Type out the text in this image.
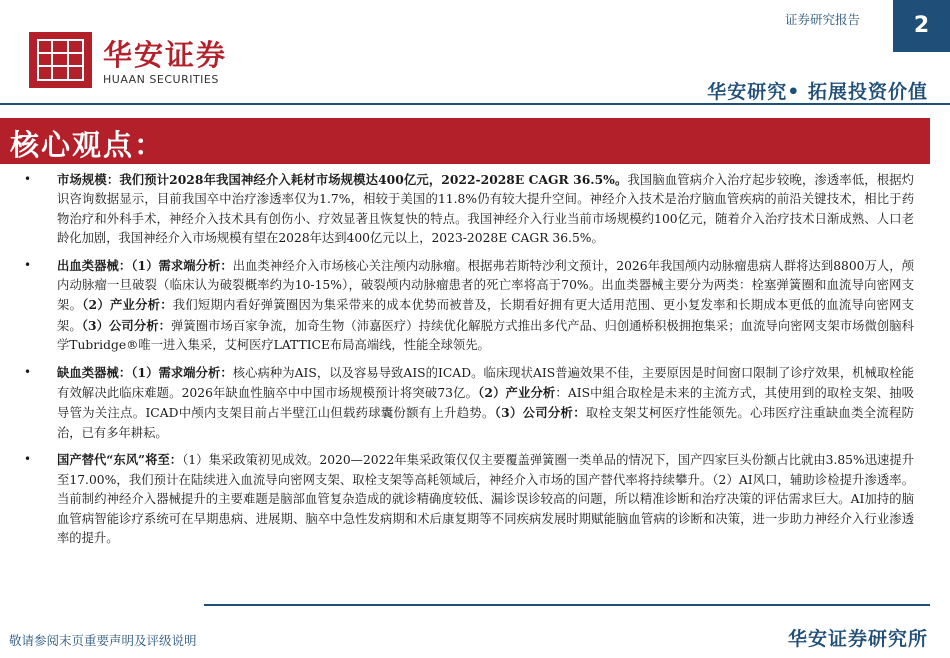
华安证券
HUAAN SECURITIES
证券研究报告	2
华安研究• 拓展投资价值
核心观点：

•
市场规模：我们预计2028年我国神经介入耗材市场规模达400亿元，2022-2028E CAGR 36.5%。我国脑血管病介入治疗起步较晚，渗透率低，根据灼识咨询数据显示，目前我国卒中治疗渗透率仅为1.7%，相较于美国的11.8%仍有较大提升空间。神经介入技术是治疗脑血管疾病的前沿关键技术，相比于药物治疗和外科手术，神经介入技术具有创伤小、疗效显著且恢复快的特点。我国神经介入行业当前市场规模约100亿元，随着介入治疗技术日渐成熟、人口老龄化加剧，我国神经介入市场规模有望在2028年达到400亿元以上，2023-2028E CAGR 36.5%。

•
出血类器械：（1）需求端分析：出血类神经介入市场核心关注颅内动脉瘤。根据弗若斯特沙利文预计，2026年我国颅内动脉瘤患病人群将达到8800万人，颅内动脉瘤一旦破裂（临床认为破裂概率约为10-15%），破裂颅内动脉瘤患者的死亡率将高于70%。出血类器械主要分为两类：栓塞弹簧圈和血流导向密网支架。（2）产业分析：我们短期内看好弹簧圈因为集采带来的成本优势而被普及，长期看好拥有更大适用范围、更小复发率和长期成本更低的血流导向密网支架。（3）公司分析：弹簧圈市场百家争流，加奇生物（沛嘉医疗）持续优化解脱方式推出多代产品、归创通桥积极拥抱集采；血流导向密网支架市场微创脑科学Tubridge®唯一进入集采，艾柯医疗LATTICE布局高端线，性能全球领先。

•
缺血类器械：（1）需求端分析：核心病种为AIS，以及容易导致AIS的ICAD。临床现状AIS普遍效果不佳，主要原因是时间窗口限制了诊疗效果，机械取栓能有效解决此临床难题。2026年缺血性脑卒中中国市场规模预计将突破73亿。（2）产业分析：AIS中組合取栓是未来的主流方式，其使用到的取栓支架、抽吸导管为关注点。ICAD中颅内支架目前占半壁江山但载药球囊份额有上升趋势。（3）公司分析：取栓支架艾柯医疗性能领先。心玮医疗注重缺血类全流程防治，已有多年耕耘。

•
国产替代“东风”将至：（1）集采政策初见成效。2020—2022年集采政策仅仅主要覆盖弹簧圈一类单品的情况下，国产四家巨头份额占比就由3.85%迅速提升至17.00%，我们预计在陆续进入血流导向密网支架、取栓支架等高耗领域后，神经介入市场的国产替代率将持续攀升。（2）AI风口，辅助诊检提升渗透率。当前制约神经介入器械提升的主要难题是脑部血管复杂造成的就诊精确度较低、漏诊误诊较高的问题，所以精准诊断和治疗决策的评估需求巨大。AI加持的脑血管病智能诊疗系统可在早期患病、进展期、脑卒中急性发病期和术后康复期等不同疾病发展时期赋能脑血管病的诊断和决策，进一步助力神经介入行业渗透率的提升。

敬请参阅末页重要声明及评级说明	华安证券研究所
